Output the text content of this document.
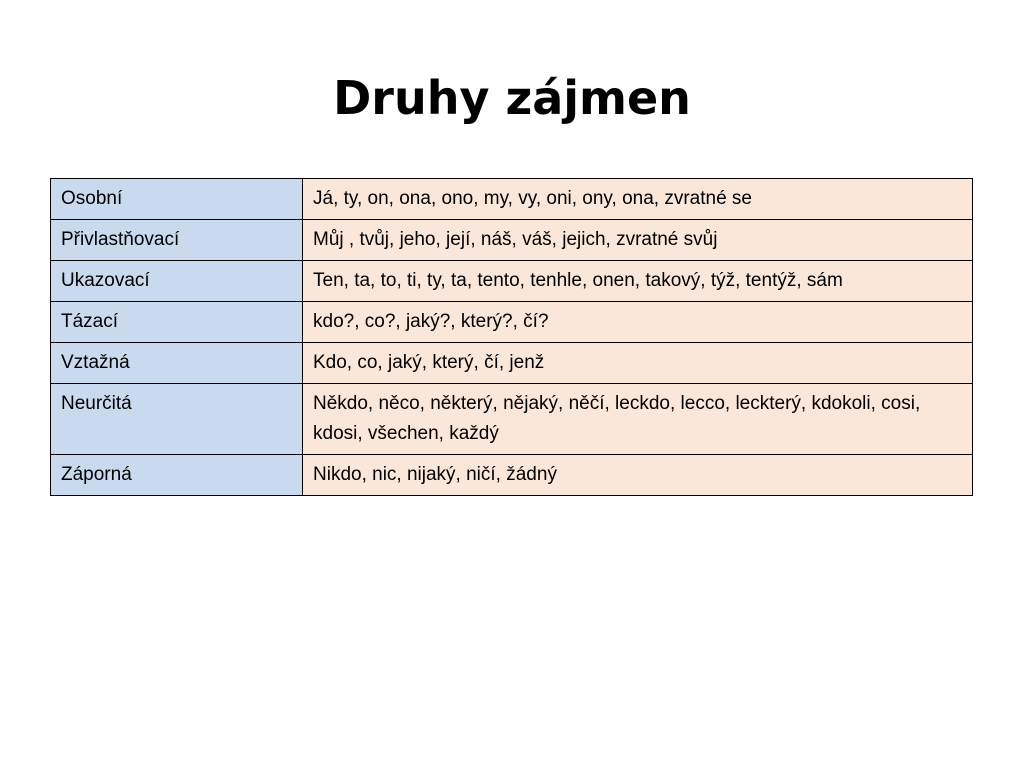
Druhy zájmen
Osobní	Já, ty, on, ona, ono, my, vy, oni, ony, ona, zvratné se
Přivlastňovací	Můj , tvůj, jeho, její, náš, váš, jejich, zvratné svůj
Ukazovací	Ten, ta, to, ti, ty, ta, tento, tenhle, onen, takový, týž, tentýž, sám
Tázací	kdo?, co?, jaký?, který?, čí?
Vztažná	Kdo, co, jaký, který, čí, jenž
Neurčitá	Někdo, něco, některý, nějaký, něčí, leckdo, lecco, leckterý, kdokoli, cosi, kdosi, všechen, každý
Záporná	Nikdo, nic, nijaký, ničí, žádný
